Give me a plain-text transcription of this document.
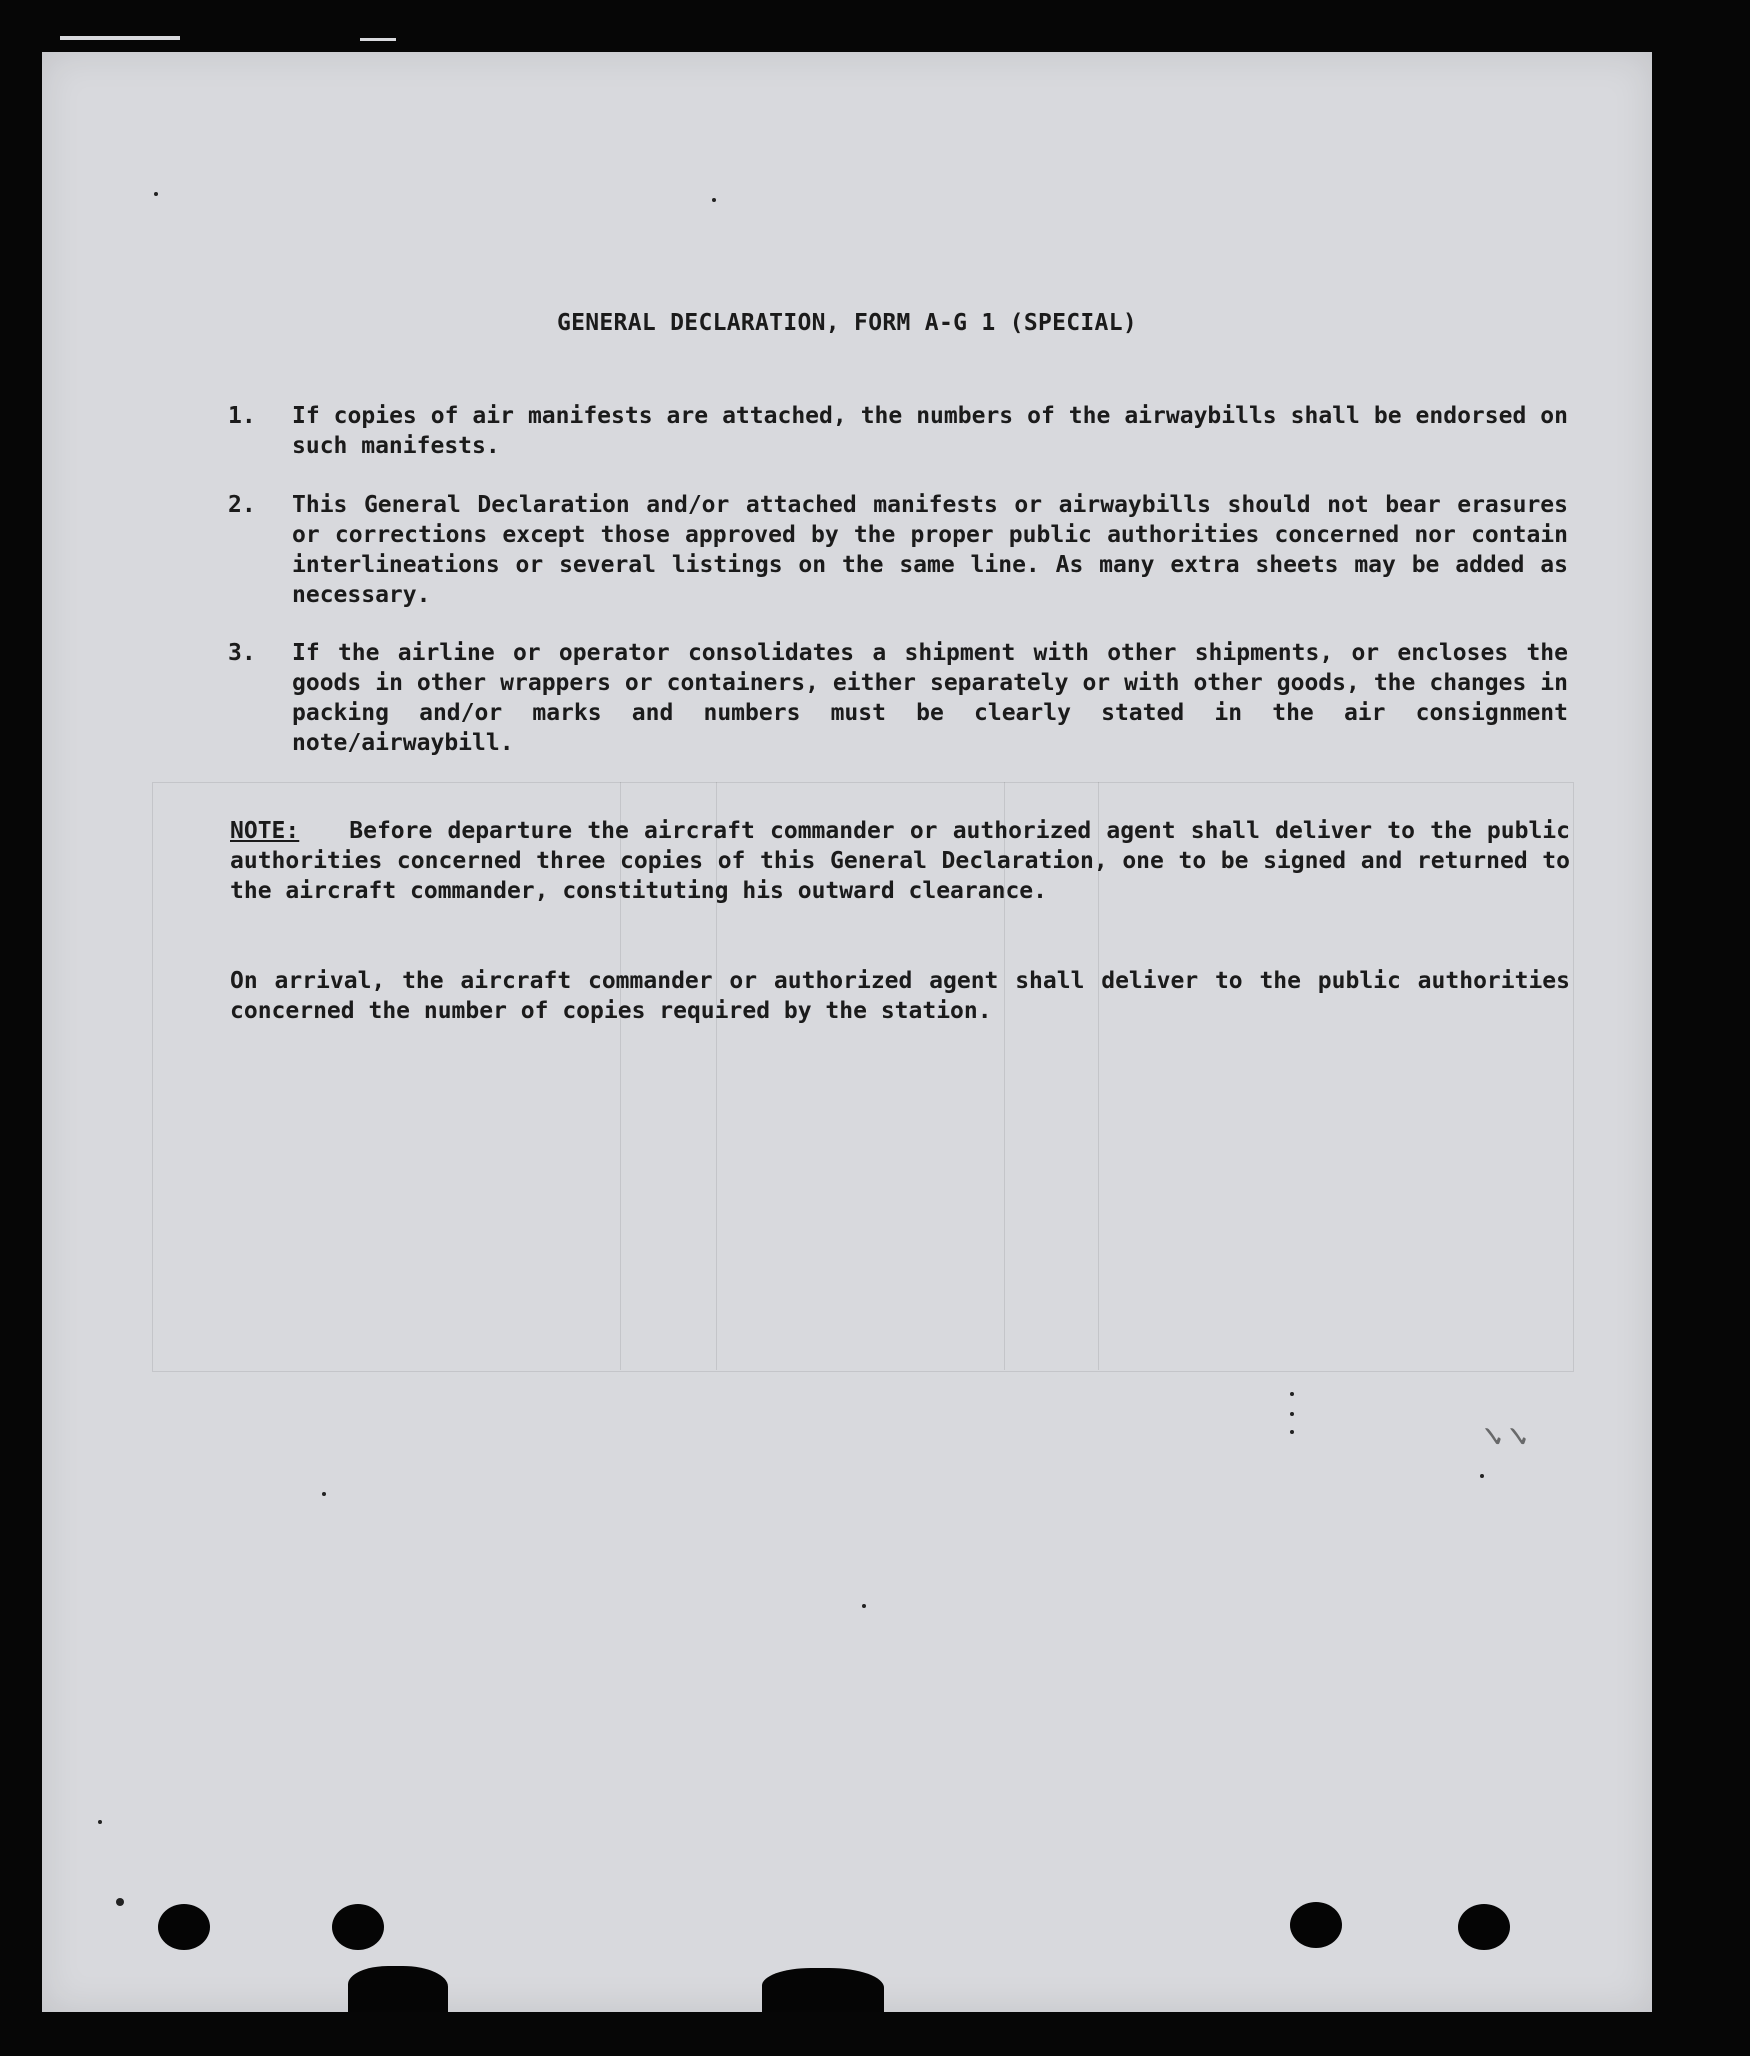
GENERAL DECLARATION, FORM A-G 1 (SPECIAL)
1.	If copies of air manifests are attached, the numbers of the airwaybills shall be endorsed on such manifests.
2.	This General Declaration and/or attached manifests or airwaybills should not bear erasures or corrections except those approved by the proper public authorities concerned nor contain interlineations or several listings on the same line. As many extra sheets may be added as necessary.
3.	If the airline or operator consolidates a shipment with other shipments, or encloses the goods in other wrappers or containers, either separately or with other goods, the changes in packing and/or marks and numbers must be clearly stated in the air consignment note/airwaybill.
NOTE: Before departure the aircraft commander or authorized agent shall deliver to the public authorities concerned three copies of this General Declaration, one to be signed and returned to the aircraft commander, constituting his outward clearance.
On arrival, the aircraft commander or authorized agent shall deliver to the public authorities concerned the number of copies required by the station.
✓✓
